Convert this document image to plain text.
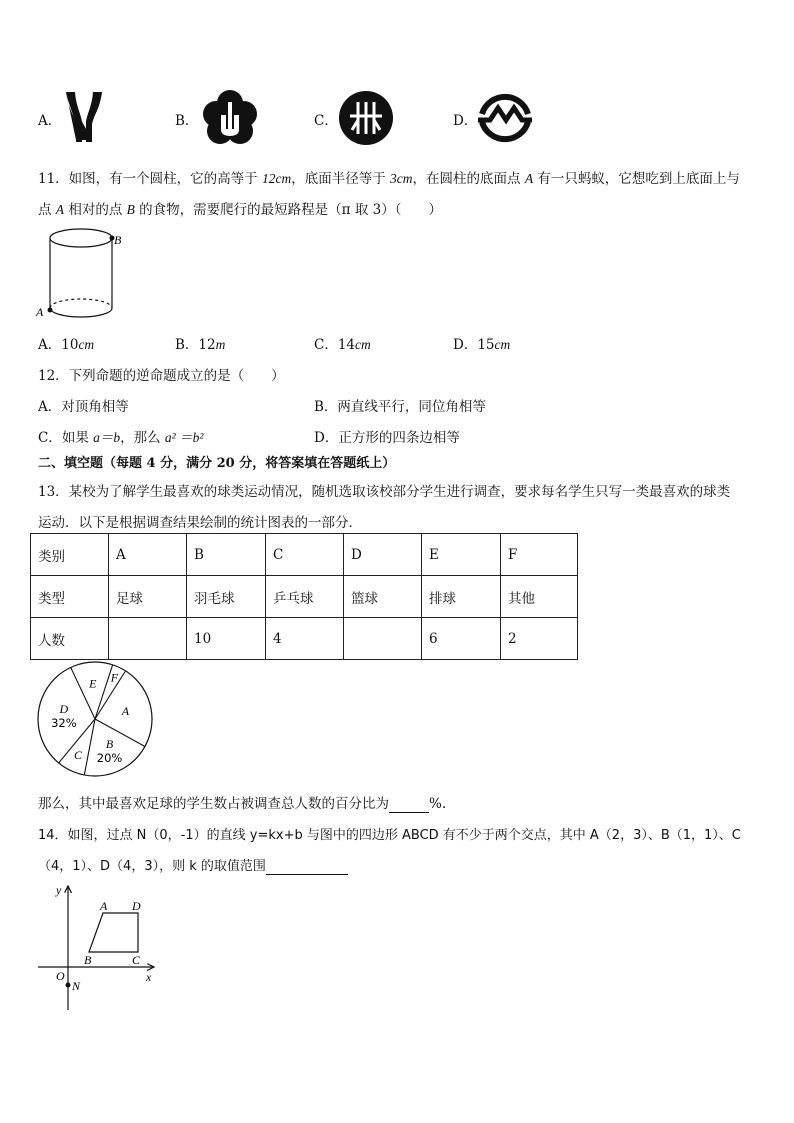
A．	B．	C．	D．
11．如图，有一个圆柱，它的高等于 12cm，底面半径等于 3cm，在圆柱的底面点 A 有一只蚂蚁，它想吃到上底面上与
点 A 相对的点 B 的食物，需要爬行的最短路程是（π 取 3）（　　）
B
A
A．10cm	B．12m	C．14cm	D．15cm
12．下列命题的逆命题成立的是（　　）
A．对顶角相等	B．两直线平行，同位角相等
C．如果 a＝b，那么 a² ＝b²	D．正方形的四条边相等
二、填空题（每题 4 分，满分 20 分，将答案填在答题纸上）
13．某校为了解学生最喜欢的球类运动情况，随机选取该校部分学生进行调查，要求每名学生只写一类最喜欢的球类
运动．以下是根据调查结果绘制的统计图表的一部分．
类别	A	B	C	D	E	F
类型	足球	羽毛球	乒乓球	篮球	排球	其他
人数		10	4		6	2
F
A
B
20%
C
D
32%
E
那么，其中最喜欢足球的学生数占被调查总人数的百分比为	%.
14．如图，过点 N（0，-1）的直线 y=kx+b 与图中的四边形 ABCD 有不少于两个交点，其中 A（2，3）、B（1，1）、C
（4，1）、D（4，3），则 k 的取值范围
y
x
O
N
A D
B	C
